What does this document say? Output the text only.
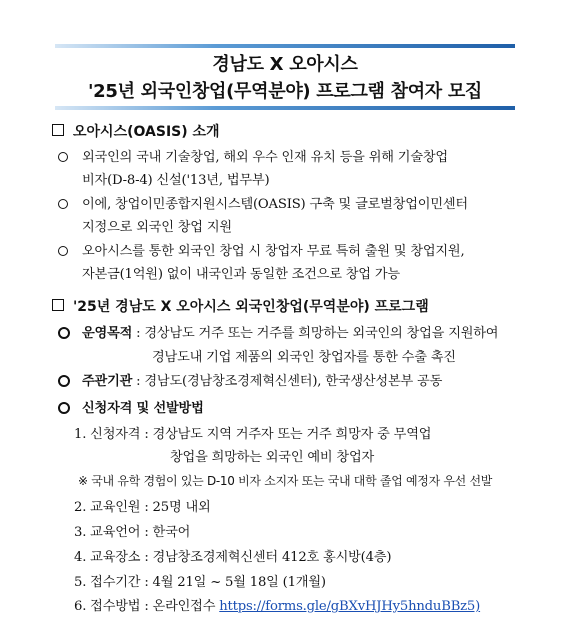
경남도 X 오아시스
'25년 외국인창업(무역분야) 프로그램 참여자 모집
오아시스(OASIS) 소개
외국인의 국내 기술창업, 해외 우수 인재 유치 등을 위해 기술창업
비자(D-8-4) 신설('13년, 법무부)
이에, 창업이민종합지원시스템(OASIS) 구축 및 글로벌창업이민센터
지정으로 외국인 창업 지원
오아시스를 통한 외국인 창업 시 창업자 무료 특허 출원 및 창업지원,
자본금(1억원) 없이 내국인과 동일한 조건으로 창업 가능
'25년 경남도 X 오아시스 외국인창업(무역분야) 프로그램
운영목적 : 경상남도 거주 또는 거주를 희망하는 외국인의 창업을 지원하여
경남도내 기업 제품의 외국인 창업자를 통한 수출 촉진
주관기관 : 경남도(경남창조경제혁신센터), 한국생산성본부 공동
신청자격 및 선발방법
1. 신청자격 : 경상남도 지역 거주자 또는 거주 희망자 중 무역업
창업을 희망하는 외국인 예비 창업자
※ 국내 유학 경험이 있는 D-10 비자 소지자 또는 국내 대학 졸업 예정자 우선 선발
2. 교육인원 : 25명 내외
3. 교육언어 : 한국어
4. 교육장소 : 경남창조경제혁신센터 412호 홍시방(4층)
5. 접수기간 : 4월 21일 ~ 5월 18일 (1개월)
6. 접수방법 : 온라인접수 https://forms.gle/gBXvHJHy5hnduBBz5)
